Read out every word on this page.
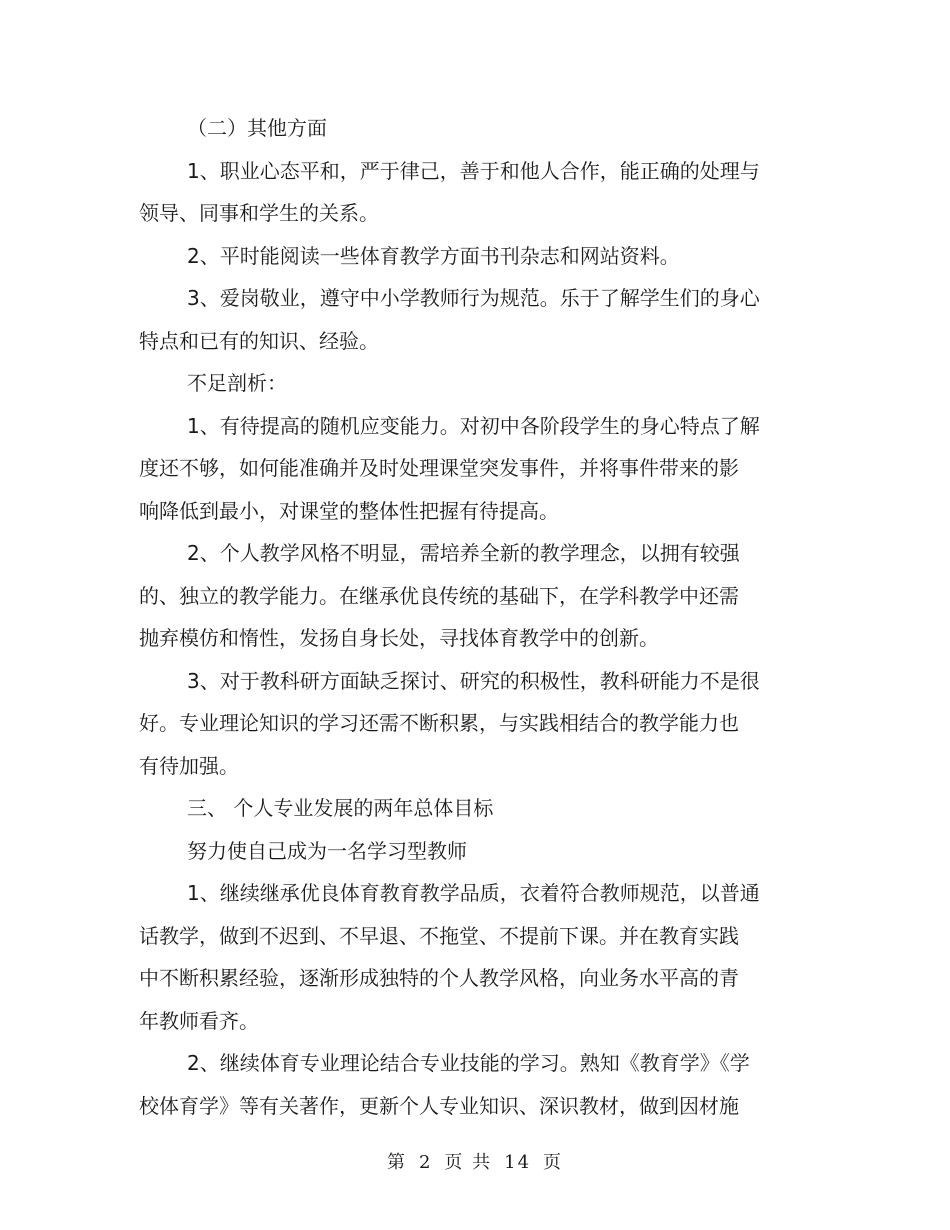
（二）其他方面
1、职业心态平和，严于律己，善于和他人合作，能正确的处理与
领导、同事和学生的关系。
2、平时能阅读一些体育教学方面书刊杂志和网站资料。
3、爱岗敬业，遵守中小学教师行为规范。乐于了解学生们的身心
特点和已有的知识、经验。
不足剖析：
1、有待提高的随机应变能力。对初中各阶段学生的身心特点了解
度还不够，如何能准确并及时处理课堂突发事件，并将事件带来的影
响降低到最小，对课堂的整体性把握有待提高。
2、个人教学风格不明显，需培养全新的教学理念，以拥有较强
的、独立的教学能力。在继承优良传统的基础下，在学科教学中还需
抛弃模仿和惰性，发扬自身长处，寻找体育教学中的创新。
3、对于教科研方面缺乏探讨、研究的积极性，教科研能力不是很
好。专业理论知识的学习还需不断积累，与实践相结合的教学能力也
有待加强。
三、 个人专业发展的两年总体目标
努力使自己成为一名学习型教师
1、继续继承优良体育教育教学品质，衣着符合教师规范，以普通
话教学，做到不迟到、不早退、不拖堂、不提前下课。并在教育实践
中不断积累经验，逐渐形成独特的个人教学风格，向业务水平高的青
年教师看齐。
2、继续体育专业理论结合专业技能的学习。熟知《教育学》《学
校体育学》等有关著作，更新个人专业知识、深识教材，做到因材施
第 2 页 共 14 页
